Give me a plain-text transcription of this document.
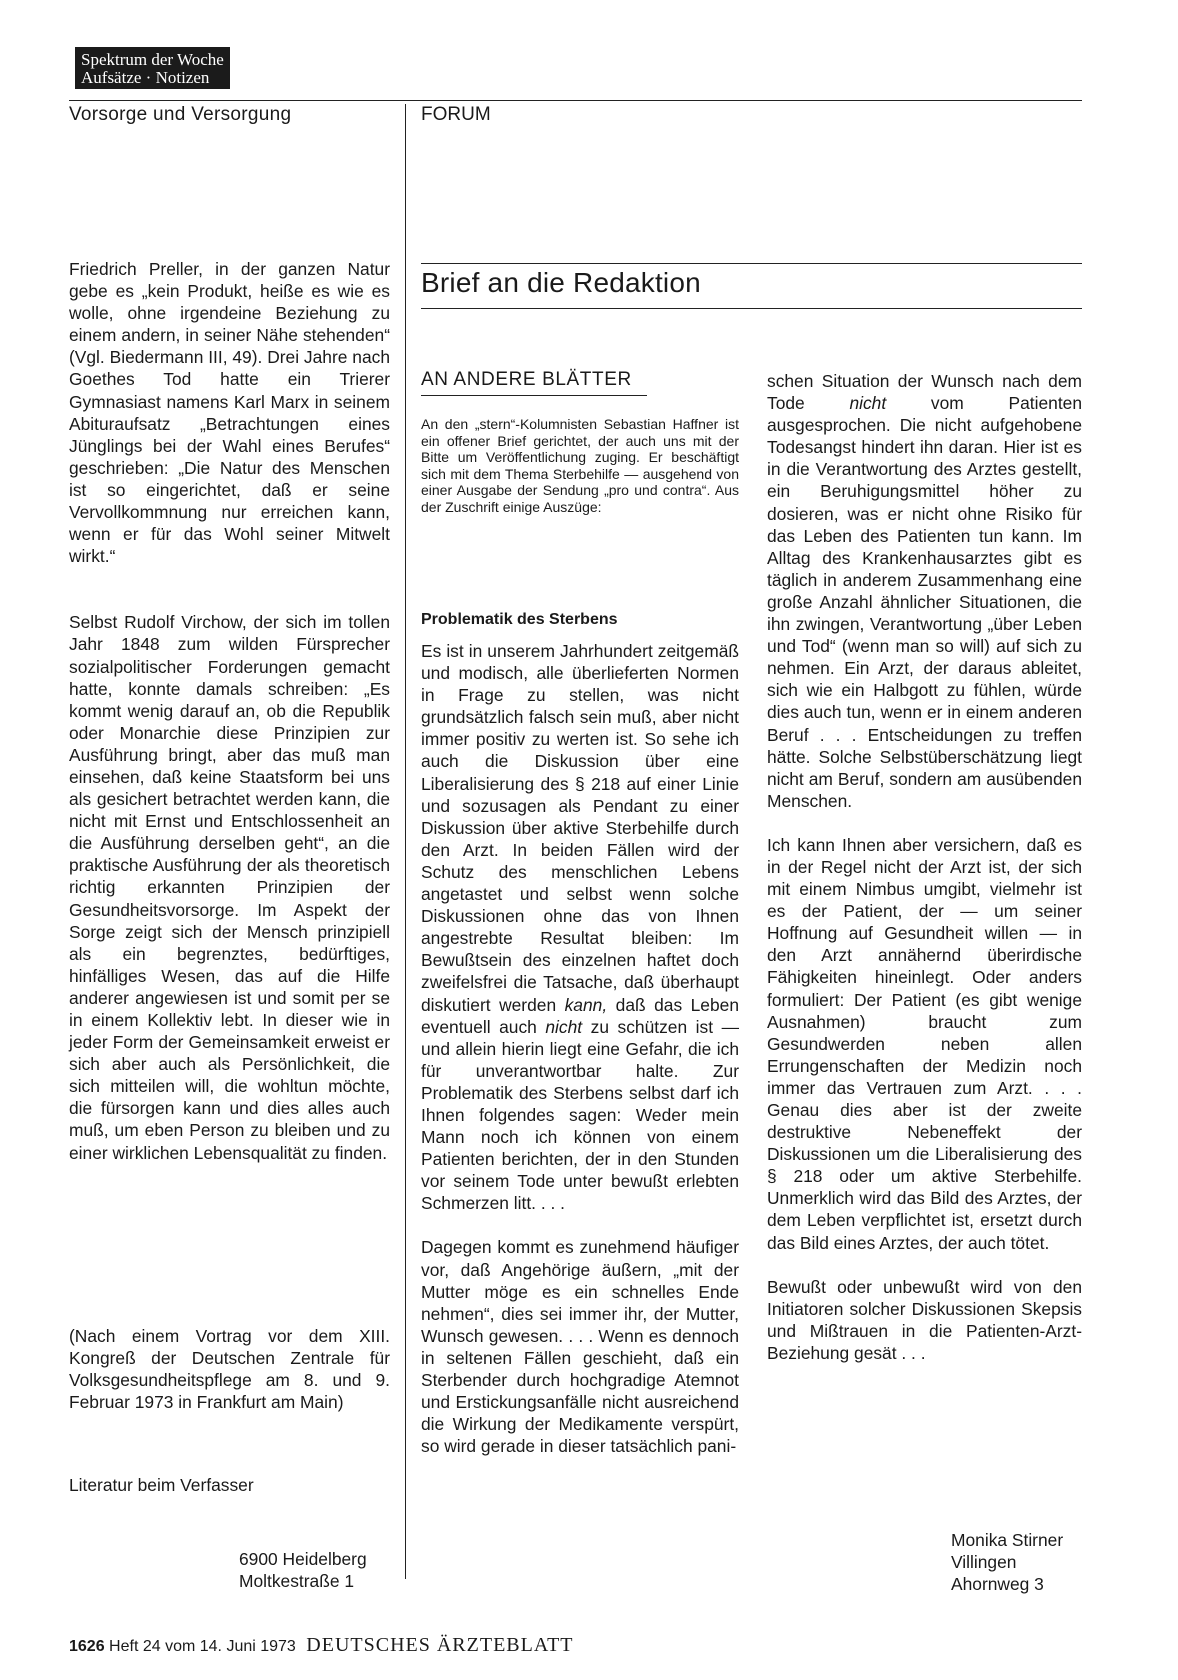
Spektrum der Woche
Aufsätze · Notizen
Vorsorge und Versorgung	FORUM
Brief an die Redaktion

Friedrich Preller, in der ganzen Natur gebe es „kein Produkt, heiße es wie es wolle, ohne irgendeine Beziehung zu einem andern, in seiner Nähe stehenden“ (Vgl. Biedermann III, 49). Drei Jahre nach Goethes Tod hatte ein Trierer Gymnasiast namens Karl Marx in seinem Abituraufsatz „Betrachtungen eines Jünglings bei der Wahl eines Berufes“ geschrieben: „Die Natur des Menschen ist so eingerichtet, daß er seine Vervollkommnung nur erreichen kann, wenn er für das Wohl seiner Mitwelt wirkt.“

Selbst Rudolf Virchow, der sich im tollen Jahr 1848 zum wilden Fürsprecher sozialpolitischer Forderungen gemacht hatte, konnte damals schreiben: „Es kommt wenig darauf an, ob die Republik oder Monarchie diese Prinzipien zur Ausführung bringt, aber das muß man einsehen, daß keine Staatsform bei uns als gesichert betrachtet werden kann, die nicht mit Ernst und Entschlossenheit an die Ausführung derselben geht“, an die praktische Ausführung der als theoretisch richtig erkannten Prinzipien der Gesundheitsvorsorge. Im Aspekt der Sorge zeigt sich der Mensch prinzipiell als ein begrenztes, bedürftiges, hinfälliges Wesen, das auf die Hilfe anderer angewiesen ist und somit per se in einem Kollektiv lebt. In dieser wie in jeder Form der Gemeinsamkeit erweist er sich aber auch als Persönlichkeit, die sich mitteilen will, die wohltun möchte, die fürsorgen kann und dies alles auch muß, um eben Person zu bleiben und zu einer wirklichen Lebensqualität zu finden.

(Nach einem Vortrag vor dem XIII. Kongreß der Deutschen Zentrale für Volksgesundheitspflege am 8. und 9. Februar 1973 in Frankfurt am Main)
Literatur beim Verfasser
6900 Heidelberg
Moltkestraße 1
AN ANDERE BLÄTTER
An den „stern“-Kolumnisten Sebastian Haffner ist ein offener Brief gerichtet, der auch uns mit der Bitte um Veröffentlichung zuging. Er beschäftigt sich mit dem Thema Sterbehilfe — ausgehend von einer Ausgabe der Sendung „pro und contra“. Aus der Zuschrift einige Auszüge:
Problematik des Sterbens

Es ist in unserem Jahrhundert zeitgemäß und modisch, alle überlieferten Normen in Frage zu stellen, was nicht grundsätzlich falsch sein muß, aber nicht immer positiv zu werten ist. So sehe ich auch die Diskussion über eine Liberalisierung des § 218 auf einer Linie und sozusagen als Pendant zu einer Diskussion über aktive Sterbehilfe durch den Arzt. In beiden Fällen wird der Schutz des menschlichen Lebens angetastet und selbst wenn solche Diskussionen ohne das von Ihnen angestrebte Resultat bleiben: Im Bewußtsein des einzelnen haftet doch zweifelsfrei die Tatsache, daß überhaupt diskutiert werden kann, daß das Leben eventuell auch nicht zu schützen ist — und allein hierin liegt eine Gefahr, die ich für unverantwortbar halte. Zur Problematik des Sterbens selbst darf ich Ihnen folgendes sagen: Weder mein Mann noch ich können von einem Patienten berichten, der in den Stunden vor seinem Tode unter bewußt erlebten Schmerzen litt. . . .

Dagegen kommt es zunehmend häufiger vor, daß Angehörige äußern, „mit der Mutter möge es ein schnelles Ende nehmen“, dies sei immer ihr, der Mutter, Wunsch gewesen. . . . Wenn es dennoch in seltenen Fällen geschieht, daß ein Sterbender durch hochgradige Atemnot und Erstickungsanfälle nicht ausreichend die Wirkung der Medikamente verspürt, so wird gerade in dieser tatsächlich pani-

schen Situation der Wunsch nach dem Tode nicht vom Patienten ausgesprochen. Die nicht aufgehobene Todesangst hindert ihn daran. Hier ist es in die Verantwortung des Arztes gestellt, ein Beruhigungsmittel höher zu dosieren, was er nicht ohne Risiko für das Leben des Patienten tun kann. Im Alltag des Krankenhausarztes gibt es täglich in anderem Zusammenhang eine große Anzahl ähnlicher Situationen, die ihn zwingen, Verantwortung „über Leben und Tod“ (wenn man so will) auf sich zu nehmen. Ein Arzt, der daraus ableitet, sich wie ein Halbgott zu fühlen, würde dies auch tun, wenn er in einem anderen Beruf . . . Entscheidungen zu treffen hätte. Solche Selbstüberschätzung liegt nicht am Beruf, sondern am ausübenden Menschen.

Ich kann Ihnen aber versichern, daß es in der Regel nicht der Arzt ist, der sich mit einem Nimbus umgibt, vielmehr ist es der Patient, der — um seiner Hoffnung auf Gesundheit willen — in den Arzt annähernd überirdische Fähigkeiten hineinlegt. Oder anders formuliert: Der Patient (es gibt wenige Ausnahmen) braucht zum Gesundwerden neben allen Errungenschaften der Medizin noch immer das Vertrauen zum Arzt. . . . Genau dies aber ist der zweite destruktive Nebeneffekt der Diskussionen um die Liberalisierung des § 218 oder um aktive Sterbehilfe. Unmerklich wird das Bild des Arztes, der dem Leben verpflichtet ist, ersetzt durch das Bild eines Arztes, der auch tötet.

Bewußt oder unbewußt wird von den Initiatoren solcher Diskussionen Skepsis und Mißtrauen in die Patienten-Arzt-Beziehung gesät . . .

Monika Stirner
Villingen
Ahornweg 3
1626 Heft 24 vom 14. Juni 1973 DEUTSCHES ÄRZTEBLATT
